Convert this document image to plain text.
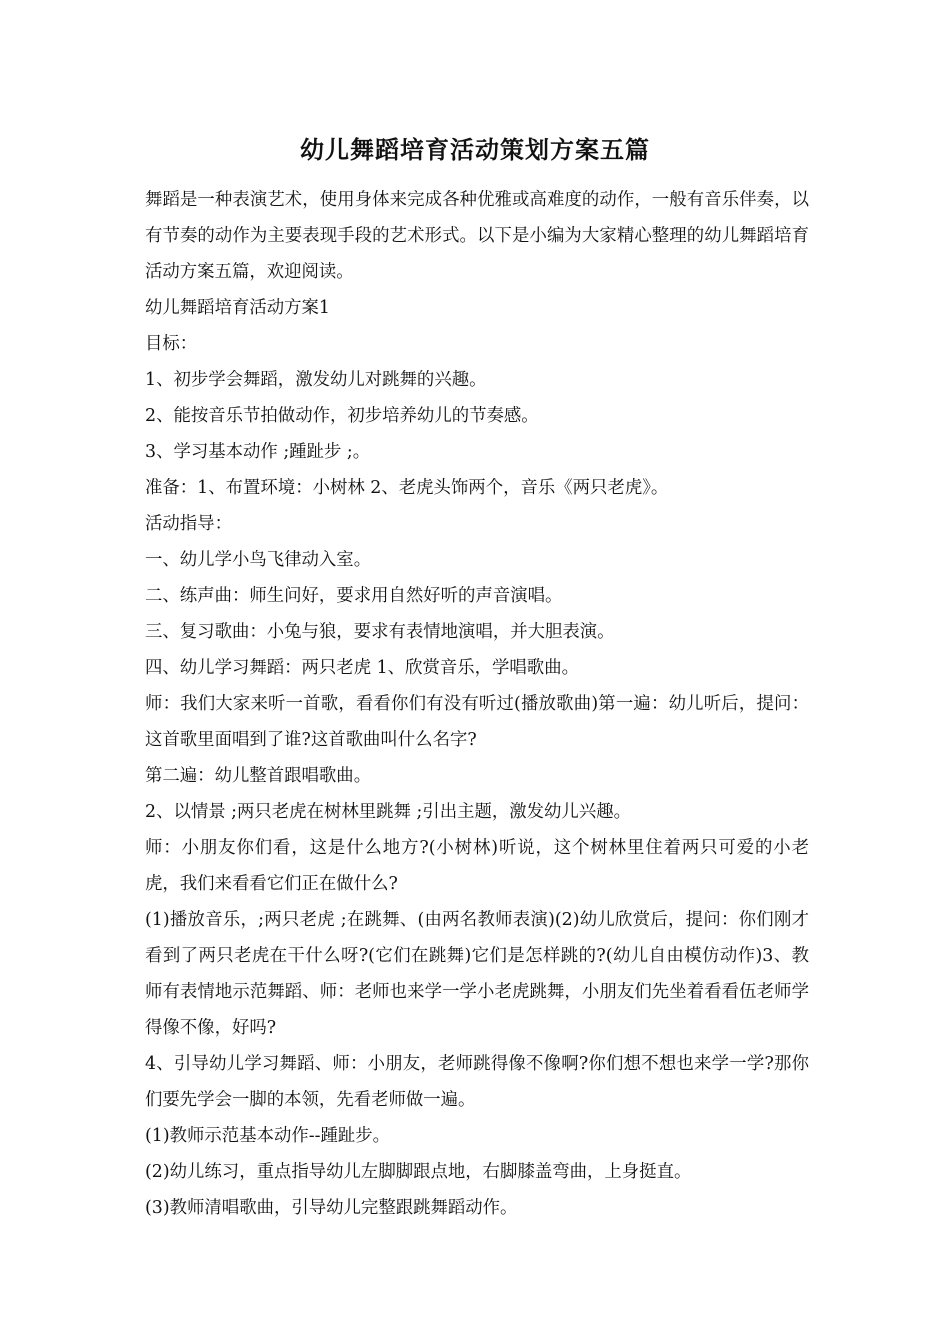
幼儿舞蹈培育活动策划方案五篇

舞蹈是一种表演艺术，使用身体来完成各种优雅或高难度的动作，一般有音乐伴奏，以有节奏的动作为主要表现手段的艺术形式。以下是小编为大家精心整理的幼儿舞蹈培育活动方案五篇，欢迎阅读。

幼儿舞蹈培育活动方案1

目标：

1、初步学会舞蹈，激发幼儿对跳舞的兴趣。

2、能按音乐节拍做动作，初步培养幼儿的节奏感。

3、学习基本动作 ;踵趾步 ;。

准备：1、布置环境：小树林 2、老虎头饰两个，音乐《两只老虎》。

活动指导：

一、幼儿学小鸟飞律动入室。

二、练声曲：师生问好，要求用自然好听的声音演唱。

三、复习歌曲：小兔与狼，要求有表情地演唱，并大胆表演。

四、幼儿学习舞蹈：两只老虎 1、欣赏音乐，学唱歌曲。

师：我们大家来听一首歌，看看你们有没有听过(播放歌曲)第一遍：幼儿听后，提问：这首歌里面唱到了谁?这首歌曲叫什么名字?

第二遍：幼儿整首跟唱歌曲。

2、以情景 ;两只老虎在树林里跳舞 ;引出主题，激发幼儿兴趣。

师：小朋友你们看，这是什么地方?(小树林)听说，这个树林里住着两只可爱的小老虎，我们来看看它们正在做什么?

(1)播放音乐，;两只老虎 ;在跳舞、(由两名教师表演)(2)幼儿欣赏后，提问：你们刚才看到了两只老虎在干什么呀?(它们在跳舞)它们是怎样跳的?(幼儿自由模仿动作)3、教师有表情地示范舞蹈、师：老师也来学一学小老虎跳舞，小朋友们先坐着看看伍老师学得像不像，好吗?

4、引导幼儿学习舞蹈、师：小朋友，老师跳得像不像啊?你们想不想也来学一学?那你们要先学会一脚的本领，先看老师做一遍。

(1)教师示范基本动作--踵趾步。

(2)幼儿练习，重点指导幼儿左脚脚跟点地，右脚膝盖弯曲，上身挺直。

(3)教师清唱歌曲，引导幼儿完整跟跳舞蹈动作。
